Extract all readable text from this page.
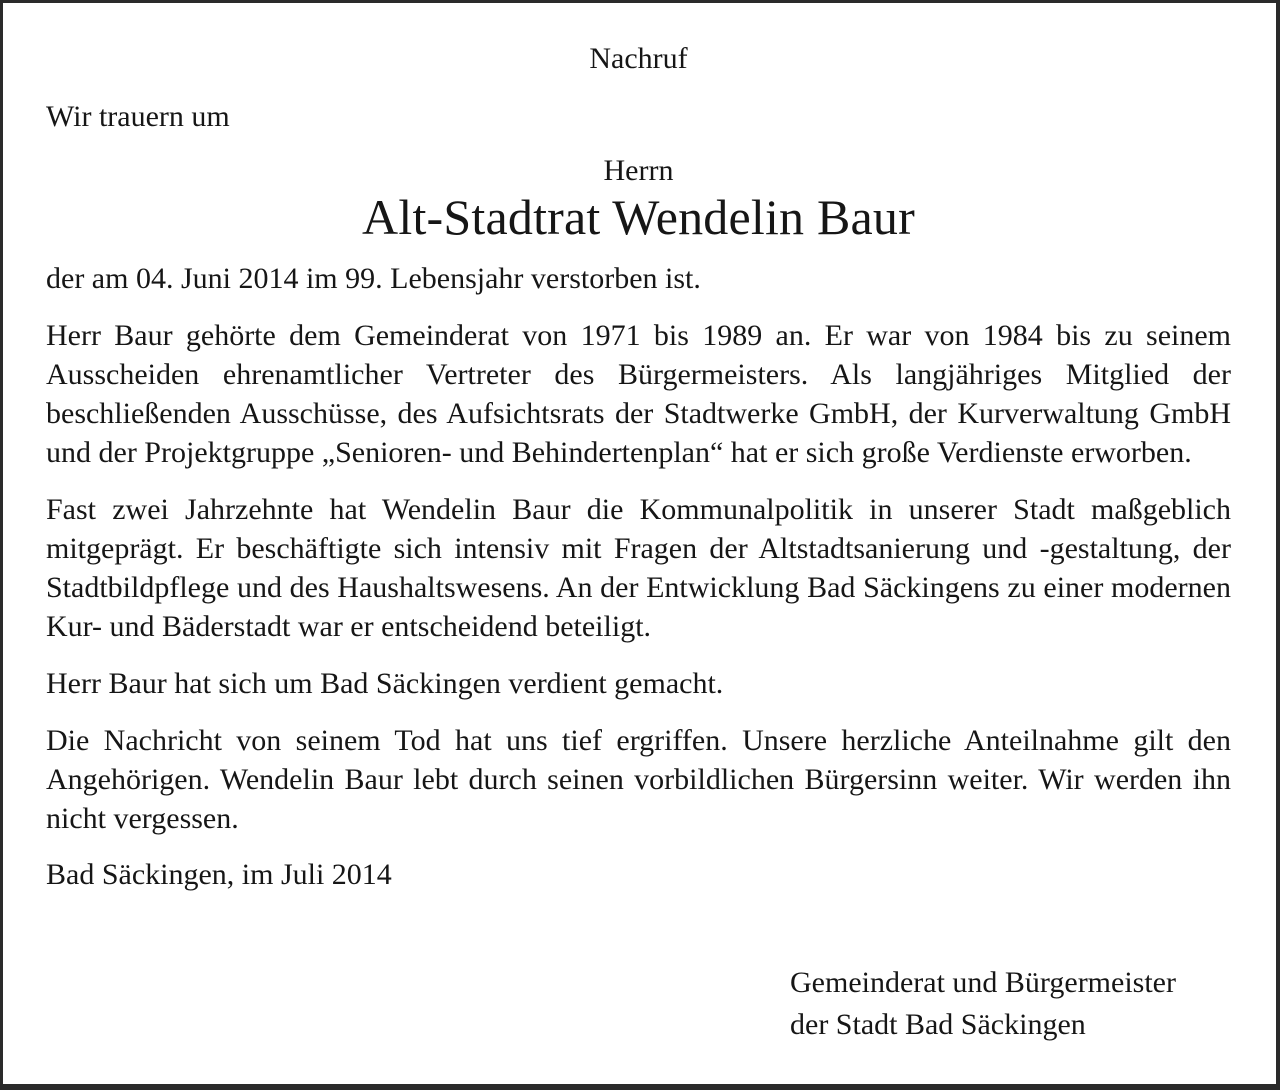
Nachruf

Wir trauern um

Herrn

Alt-Stadtrat Wendelin Baur

der am 04. Juni 2014 im 99. Lebensjahr verstorben ist.

Herr Baur gehörte dem Gemeinderat von 1971 bis 1989 an. Er war von 1984 bis zu seinem Ausscheiden ehrenamtlicher Vertreter des Bürgermeisters. Als langjähriges Mitglied der beschließenden Ausschüsse, des Aufsichtsrats der Stadtwerke GmbH, der Kurverwaltung GmbH und der Projektgruppe „Senioren- und Behindertenplan“ hat er sich große Verdienste erworben.

Fast zwei Jahrzehnte hat Wendelin Baur die Kommunalpolitik in unserer Stadt maßgeblich mitgeprägt. Er beschäftigte sich intensiv mit Fragen der Altstadtsanierung und -gestaltung, der Stadtbildpflege und des Haushaltswesens. An der Entwicklung Bad Säckingens zu einer modernen Kur- und Bäderstadt war er entscheidend beteiligt.

Herr Baur hat sich um Bad Säckingen verdient gemacht.

Die Nachricht von seinem Tod hat uns tief ergriffen. Unsere herzliche Anteilnahme gilt den Angehörigen. Wendelin Baur lebt durch seinen vorbildlichen Bürgersinn weiter. Wir werden ihn nicht vergessen.

Bad Säckingen, im Juli 2014

Gemeinderat und Bürgermeister
der Stadt Bad Säckingen
